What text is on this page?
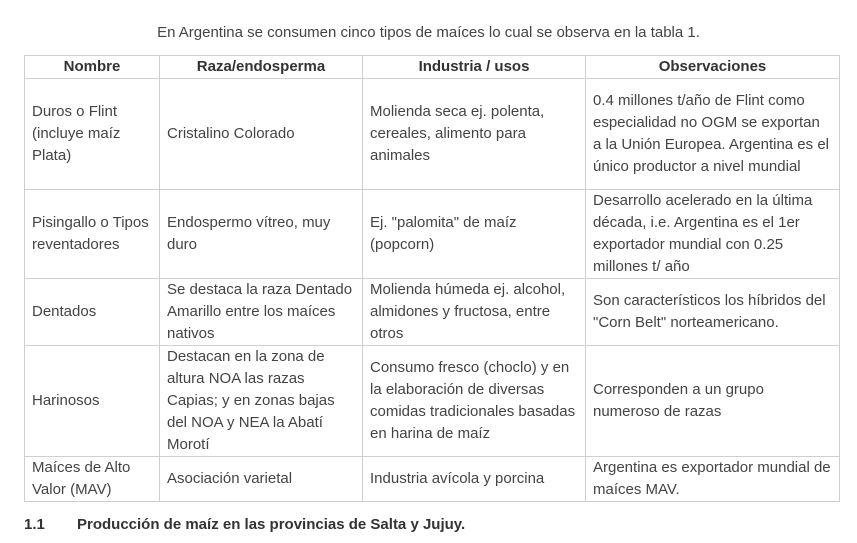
En Argentina se consumen cinco tipos de maíces lo cual se observa en la tabla 1.

Nombre	Raza/endosperma	Industria / usos	Observaciones
Duros o Flint (incluye maíz Plata)	Cristalino Colorado	Molienda seca ej. polenta, cereales, alimento para animales	0.4 millones t/año de Flint como especialidad no OGM se exportan a la Unión Europea. Argentina es el único productor a nivel mundial
Pisingallo o Tipos reventadores	Endospermo vítreo, muy duro	Ej. "palomita" de maíz (popcorn)	Desarrollo acelerado en la última década, i.e. Argentina es el 1er exportador mundial con 0.25 millones t/ año
Dentados	Se destaca la raza Dentado Amarillo entre los maíces nativos	Molienda húmeda ej. alcohol, almidones y fructosa, entre otros	Son característicos los híbridos del "Corn Belt" norteamericano.
Harinosos	Destacan en la zona de altura NOA las razas Capias; y en zonas bajas del NOA y NEA la Abatí Morotí	Consumo fresco (choclo) y en la elaboración de diversas comidas tradicionales basadas en harina de maíz	Corresponden a un grupo numeroso de razas
Maíces de Alto Valor (MAV)	Asociación varietal	Industria avícola y porcina	Argentina es exportador mundial de maíces MAV.
1.1 Producción de maíz en las provincias de Salta y Jujuy.
